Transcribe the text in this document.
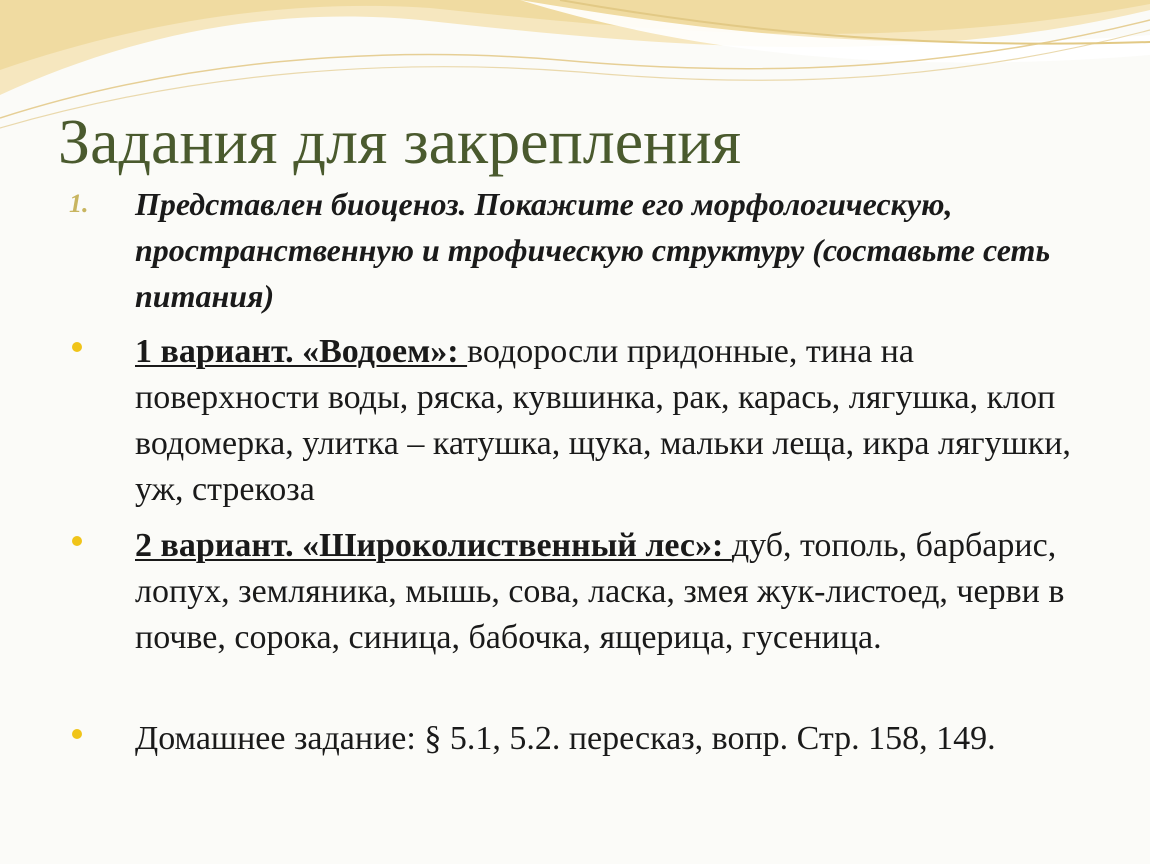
Задания для закрепления
1. Представлен биоценоз. Покажите его морфологическую, пространственную и трофическую структуру (составьте сеть питания)
1 вариант. «Водоем»: водоросли придонные, тина на поверхности воды, ряска, кувшинка, рак, карась, лягушка, клоп водомерка, улитка – катушка, щука, мальки леща, икра лягушки, уж, стрекоза
2 вариант. «Широколиственный лес»: дуб, тополь, барбарис, лопух, земляника, мышь, сова, ласка, змея жук-листоед, черви в почве, сорока, синица, бабочка, ящерица, гусеница.
Домашнее задание: § 5.1, 5.2. пересказ, вопр. Стр. 158, 149.
